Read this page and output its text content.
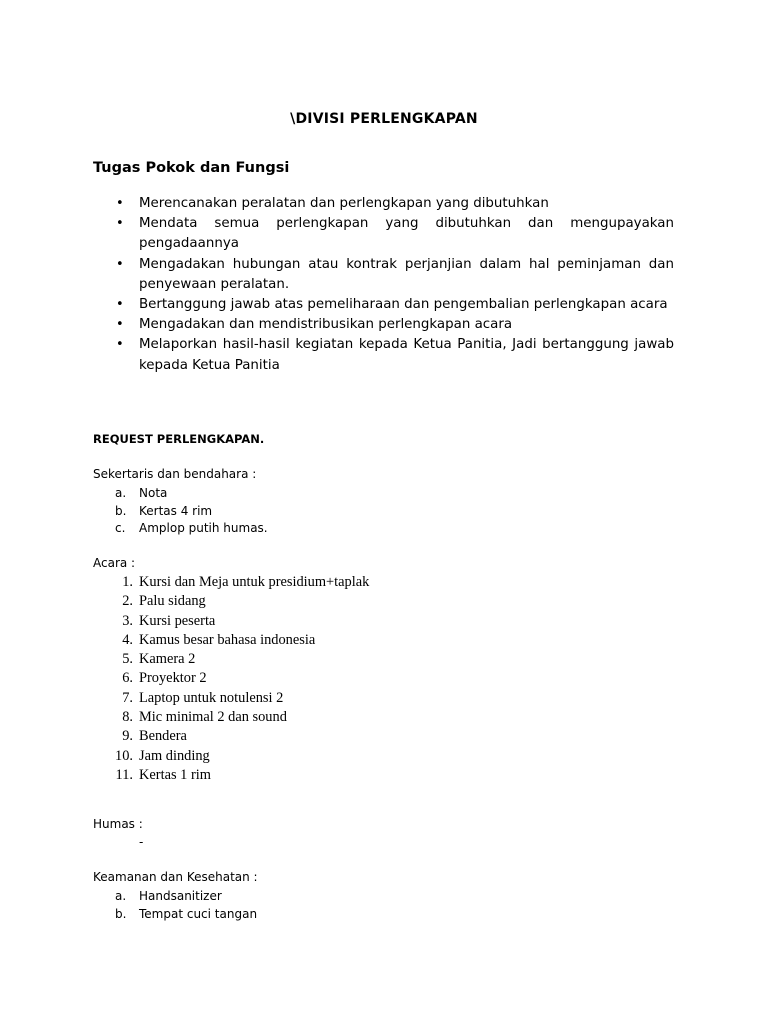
\DIVISI PERLENGKAPAN
Tugas Pokok dan Fungsi
• Merencanakan peralatan dan perlengkapan yang dibutuhkan
• Mendata semua perlengkapan yang dibutuhkan dan mengupayakan pengadaannya
• Mengadakan hubungan atau kontrak perjanjian dalam hal peminjaman dan penyewaan peralatan.
• Bertanggung jawab atas pemeliharaan dan pengembalian perlengkapan acara
• Mengadakan dan mendistribusikan perlengkapan acara
• Melaporkan hasil-hasil kegiatan kepada Ketua Panitia, Jadi bertanggung jawab kepada Ketua Panitia
REQUEST PERLENGKAPAN.

Sekertaris dan bendahara :

a. Nota
b. Kertas 4 rim
c. Amplop putih humas.

Acara :

1. Kursi dan Meja untuk presidium+taplak
2. Palu sidang
3. Kursi peserta
4. Kamus besar bahasa indonesia
5. Kamera 2
6. Proyektor 2
7. Laptop untuk notulensi 2
8. Mic minimal 2 dan sound
9. Bendera
10. Jam dinding
11. Kertas 1 rim

Humas :

-

Keamanan dan Kesehatan :

a. Handsanitizer
b. Tempat cuci tangan
